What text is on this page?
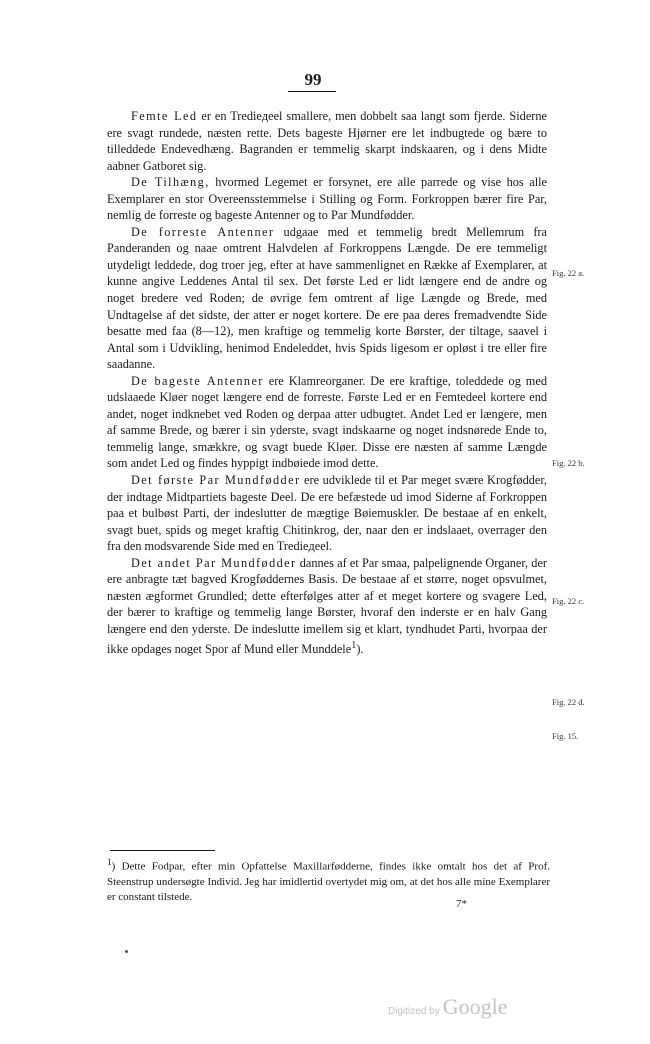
99

Femte Led er en Tredieдeel smallere, men dobbelt saa langt som fjerde. Siderne ere svagt rundede, næsten rette. Dets bageste Hjørner ere let indbugtede og bære to tilleddede Endevedhæng. Bagranden er temmelig skarpt indskaaren, og i dens Midte aabner Gatboret sig.

De Tilhæng, hvormed Legemet er forsynet, ere alle parrede og vise hos alle Exemplarer en stor Overeensstemmelse i Stilling og Form. Forkroppen bærer fire Par, nemlig de forreste og bageste Antenner og to Par Mundfødder.

De forreste Antenner udgaae med et temmelig bredt Mellemrum fra Panderanden og naae omtrent Halvdelen af Forkroppens Længde. De ere temmeligt utydeligt leddede, dog troer jeg, efter at have sammenlignet en Række af Exemplarer, at kunne angive Leddenes Antal til sex. Det første Led er lidt længere end de andre og noget bredere ved Roden; de øvrige fem omtrent af lige Længde og Brede, med Undtagelse af det sidste, der atter er noget kortere. De ere paa deres fremadvendte Side besatte med faa (8—12), men kraftige og temmelig korte Børster, der tiltage, saavel i Antal som i Udvikling, henimod Endeleddet, hvis Spids ligesom er opløst i tre eller fire saadanne.

De bageste Antenner ere Klamreorganer. De ere kraftige, toleddede og med udslaaede Kløer noget længere end de forreste. Første Led er en Femtedeel kortere end andet, noget indknebet ved Roden og derpaa atter udbugtet. Andet Led er længere, men af samme Brede, og bærer i sin yderste, svagt indskaarne og noget indsnørede Ende to, temmelig lange, smækkre, og svagt buede Kløer. Disse ere næsten af samme Længde som andet Led og findes hyppigt indbøiede imod dette.

Det første Par Mundfødder ere udviklede til et Par meget svære Krogfødder, der indtage Midtpartiets bageste Deel. De ere befæstede ud imod Siderne af Forkroppen paa et bulbøst Parti, der indeslutter de mægtige Bøiemuskler. De bestaae af en enkelt, svagt buet, spids og meget kraftig Chitinkrog, der, naar den er indslaaet, overrager den fra den modsvarende Side med en Tredieдeel.

Det andet Par Mundfødder dannes af et Par smaa, palpelignende Organer, der ere anbragte tæt bagved Krogføddernes Basis. De bestaae af et større, noget opsvulmet, næsten ægformet Grundled; dette efterfølges atter af et meget kortere og svagere Led, der bærer to kraftige og temmelig lange Børster, hvoraf den inderste er en halv Gang længere end den yderste. De indeslutte imellem sig et klart, tyndhudet Parti, hvorpaa der ikke opdages noget Spor af Mund eller Munddele$^1$).

Fig. 22 a.
Fig. 22 b.
Fig. 22 c.
Fig. 22 d.
Fig. 15.

$^1$) Dette Fodpar, efter min Opfattelse Maxillarfødderne, findes ikke omtalt hos det af Prof. Steenstrup undersøgte Individ. Jeg har imidlertid overtydet mig om, at det hos alle mine Exemplarer er constant tilstede.

7*
Digitized by Google
